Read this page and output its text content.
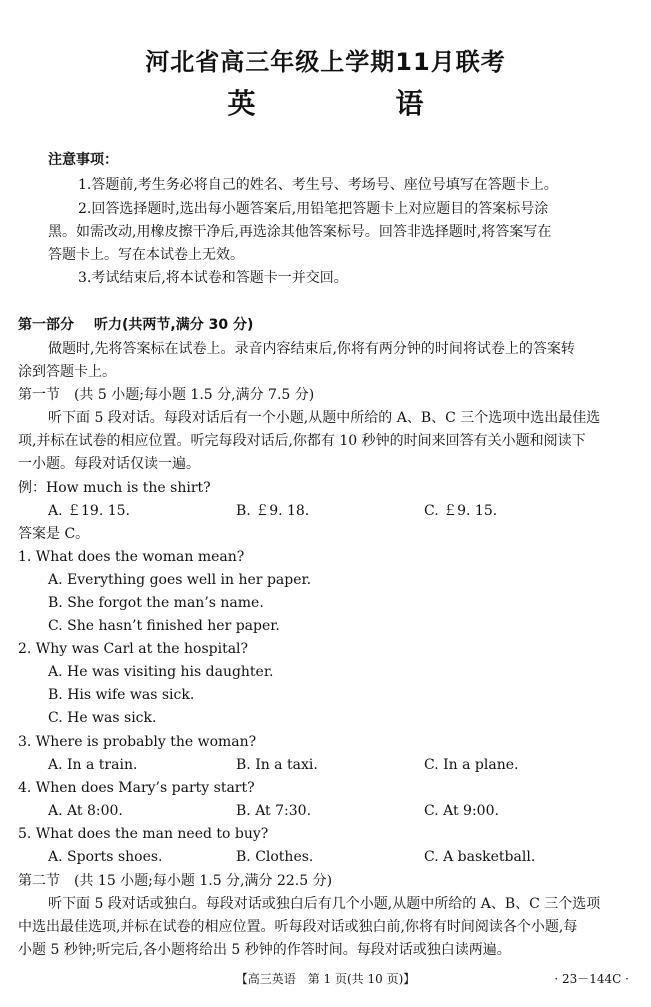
河北省高三年级上学期11月联考
英　语
注意事项：
1.答题前,考生务必将自己的姓名、考生号、考场号、座位号填写在答题卡上。
2.回答选择题时,选出每小题答案后,用铅笔把答题卡上对应题目的答案标号涂
黑。如需改动,用橡皮擦干净后,再选涂其他答案标号。回答非选择题时,将答案写在
答题卡上。写在本试卷上无效。
3.考试结束后,将本试卷和答题卡一并交回。
第一部分 听力(共两节,满分 30 分)
做题时,先将答案标在试卷上。录音内容结束后,你将有两分钟的时间将试卷上的答案转
涂到答题卡上。
第一节　(共 5 小题;每小题 1.5 分,满分 7.5 分)
听下面 5 段对话。每段对话后有一个小题,从题中所给的 A、B、C 三个选项中选出最佳选
项,并标在试卷的相应位置。听完每段对话后,你都有 10 秒钟的时间来回答有关小题和阅读下
一小题。每段对话仅读一遍。
例：How much is the shirt?
A. ￡19. 15.	B. ￡9. 18.	C. ￡9. 15.
答案是 C。
1. What does the woman mean?
A. Everything goes well in her paper.
B. She forgot the man’s name.
C. She hasn’t finished her paper.
2. Why was Carl at the hospital?
A. He was visiting his daughter.
B. His wife was sick.
C. He was sick.
3. Where is probably the woman?
A. In a train.	B. In a taxi.	C. In a plane.
4. When does Mary’s party start?
A. At 8:00.	B. At 7:30.	C. At 9:00.
5. What does the man need to buy?
A. Sports shoes.	B. Clothes.	C. A basketball.
第二节　(共 15 小题;每小题 1.5 分,满分 22.5 分)
听下面 5 段对话或独白。每段对话或独白后有几个小题,从题中所给的 A、B、C 三个选项
中选出最佳选项,并标在试卷的相应位置。听每段对话或独白前,你将有时间阅读各个小题,每
小题 5 秒钟;听完后,各小题将给出 5 秒钟的作答时间。每段对话或独白读两遍。
【高三英语　第 1 页(共 10 页)】	· 23－144C ·
